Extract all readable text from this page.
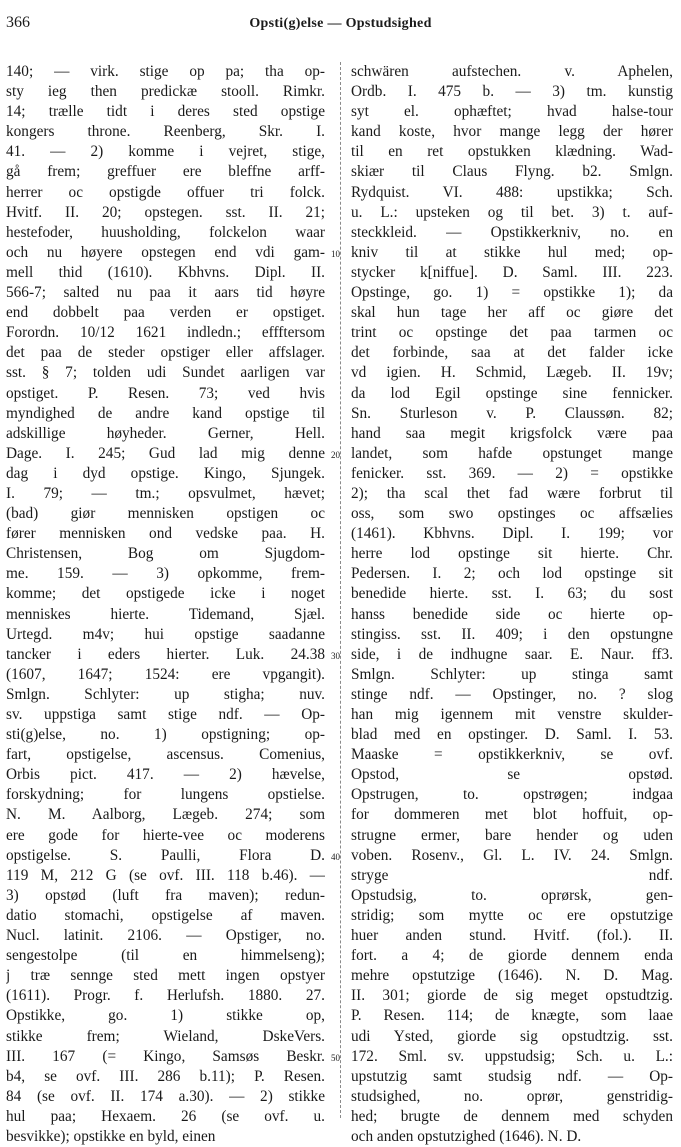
366	Opsti(g)else — Opstudsighed
140; — virk. stige op pa; tha op-
sty ieg then predickæ stooll. Rimkr.
14; trælle tidt i deres sted opstige
kongers throne. Reenberg, Skr. I.
41. — 2) komme i vejret, stige,
gå frem; greffuer ere bleffne arff-
herrer oc opstigde offuer tri folck.
Hvitf. II. 20; opstegen. sst. II. 21;
hestefoder, huusholding, folckelon waar
och nu høyere opstegen end vdi gam-
mell thid (1610). Kbhvns. Dipl. II.
566-7; salted nu paa it aars tid høyre
end dobbelt paa verden er opstiget.
Forordn. 10/12 1621 indledn.; effftersom
det paa de steder opstiger eller affslager.
sst. § 7; tolden udi Sundet aarligen var
opstiget. P. Resen. 73; ved hvis
myndighed de andre kand opstige til
adskillige høyheder. Gerner, Hell.
Dage. I. 245; Gud lad mig denne
dag i dyd opstige. Kingo, Sjungek.
I. 79; — tm.; opsvulmet, hævet;
(bad) giør mennisken opstigen oc
fører mennisken ond vedske paa. H.
Christensen, Bog om Sjugdom-
me. 159. — 3) opkomme, frem-
komme; det opstigede icke i noget
menniskes hierte. Tidemand, Sjæl.
Urtegd. m4v; hui opstige saadanne
tancker i eders hierter. Luk. 24.38
(1607, 1647; 1524: ere vpgangit).
Smlgn. Schlyter: up stigha; nuv.
sv. uppstiga samt stige ndf. — Op-
sti(g)else, no. 1) opstigning; op-
fart, opstigelse, ascensus. Comenius,
Orbis pict. 417. — 2) hævelse,
forskydning; for lungens opstielse.
N. M. Aalborg, Lægeb. 274; som
ere gode for hierte-vee oc moderens
opstigelse. S. Paulli, Flora D.
119 M, 212 G (se ovf. III. 118 b.46). —
3) opstød (luft fra maven); redun-
datio stomachi, opstigelse af maven.
Nucl. latinit. 2106. — Opstiger, no.
sengestolpe (til en himmelseng);
j træ sennge sted mett ingen opstyer
(1611). Progr. f. Herlufsh. 1880. 27.
Opstikke, go. 1) stikke op,
stikke frem; Wieland, DskeVers.
III. 167 (= Kingo, Samsøs Beskr.
b4, se ovf. III. 286 b.11); P. Resen.
84 (se ovf. II. 174 a.30). — 2) stikke
hul paa; Hexaem. 26 (se ovf. u.
besvikke); opstikke en byld, einen
schwären aufstechen. v. Aphelen,
Ordb. I. 475 b. — 3) tm. kunstig
syt el. ophæftet; hvad halse-tour
kand koste, hvor mange legg der hører
til en ret opstukken klædning. Wad-
skiær til Claus Flyng. b2. Smlgn.
Rydquist. VI. 488: upstikka; Sch.
u. L.: upsteken og til bet. 3) t. auf-
steckkleid. — Opstikkerkniv, no. en
kniv til at stikke hul med; op-
stycker k[niffue]. D. Saml. III. 223.
Opstinge, go. 1) = opstikke 1); da
skal hun tage her aff oc giøre det
trint oc opstinge det paa tarmen oc
det forbinde, saa at det falder icke
vd igien. H. Schmid, Lægeb. II. 19v;
da lod Egil opstinge sine fennicker.
Sn. Sturleson v. P. Claussøn. 82;
hand saa megit krigsfolck være paa
landet, som hafde opstunget mange
fenicker. sst. 369. — 2) = opstikke
2); tha scal thet fad wære forbrut til
oss, som swo opstinges oc affsælies
(1461). Kbhvns. Dipl. I. 199; vor
herre lod opstinge sit hierte. Chr.
Pedersen. I. 2; och lod opstinge sit
benedide hierte. sst. I. 63; du sost
hanss benedide side oc hierte op-
stingiss. sst. II. 409; i den opstungne
side, i de indhugne saar. E. Naur. ff3.
Smlgn. Schlyter: up stinga samt
stinge ndf. — Opstinger, no. ? slog
han mig igennem mit venstre skulder-
blad med en opstinger. D. Saml. I. 53.
Maaske = opstikkerkniv, se ovf.
Opstod, se opstød.
Opstrugen, to. opstrøgen; indgaa
for dommeren met blot hoffuit, op-
strugne ermer, bare hender og uden
voben. Rosenv., Gl. L. IV. 24. Smlgn.
stryge ndf.
Opstudsig, to. oprørsk, gen-
stridig; som mytte oc ere opstutzige
huer anden stund. Hvitf. (fol.). II.
fort. a 4; de giorde dennem enda
mehre opstutzige (1646). N. D. Mag.
II. 301; giorde de sig meget opstudtzig.
P. Resen. 114; de knægte, som laae
udi Ysted, giorde sig opstudtzig. sst.
172. Sml. sv. uppstudsig; Sch. u. L.:
upstutzig samt studsig ndf. — Op-
studsighed, no. oprør, genstridig-
hed; brugte de dennem med schyden
och anden opstutzighed (1646). N. D.
10
20
30
40
50
